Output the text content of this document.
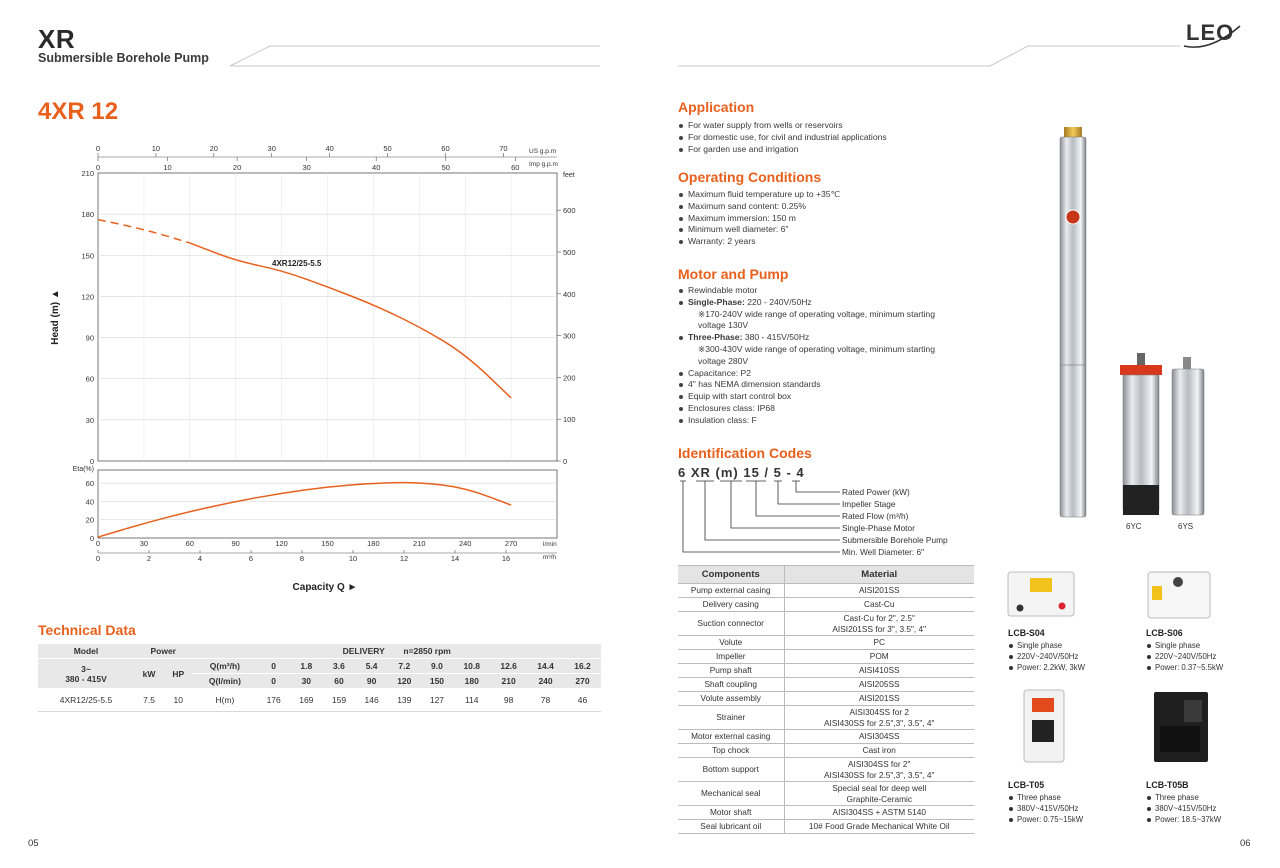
XR
Submersible Borehole Pump
LEO
4XR 12
0
30
60
90
120
150
180
210
0
100
200
300
400
500
600
feet
0	10	20	30	40	50	60	70
0	10	20	30	40	50	60
US g.p.m
Imp g.p.m
Head (m) ▲
4XR12/25-5.5
0
20
40
60
Eta(%)
0	30	60	90	120	150	180	210	240	270
0	2	4	6	8	10	12	14	16
l/min
m³/h
Capacity Q ►
Technical Data
Model	Power		DELIVERY n=2850 rpm										

3~
380 - 415V	kW	HP	Q(m³/h)	0	1.8	3.6	5.4	7.2	9.0	10.8	12.6	14.4	16.2
			Q(l/min)	0	30	60	90	120	150	180	210	240	270
4XR12/25-5.5	7.5	10	H(m)	176	169	159	146	139	127	114	98	78	46
Application
For water supply from wells or reservoirs
For domestic use, for civil and industrial applications
For garden use and irrigation
Operating Conditions
Maximum fluid temperature up to +35℃
Maximum sand content: 0.25%
Maximum immersion: 150 m
Minimum well diameter: 6"
Warranty: 2 years
Motor and Pump
Rewindable motor
Single-Phase: 220 - 240V/50Hz
※170-240V wide range of operating voltage, minimum starting
voltage 130V
Three-Phase: 380 - 415V/50Hz
※300-430V wide range of operating voltage, minimum starting
voltage 280V
Capacitance: P2
4" has NEMA dimension standards
Equip with start control box
Enclosures class: IP68
Insulation class: F
Identification Codes
6 XR (m) 15 / 5 - 4
Rated Power (kW)
Impeller Stage
Rated Flow (m³/h)
Single-Phase Motor
Submersible Borehole Pump
Min. Well Diameter: 6"
Components	Material
Pump external casing	AISI201SS
Delivery casing	Cast-Cu
Suction connector	Cast-Cu for 2", 2.5"
AISI201SS for 3", 3.5", 4"
Volute	PC
Impeller	POM
Pump shaft	AISI410SS
Shaft coupling	AISI205SS
Volute assembly	AISI201SS
Strainer	AISI304SS for 2
AISI430SS for 2.5",3", 3.5", 4"
Motor external casing	AISI304SS
Top chock	Cast iron
Bottom support	AISI304SS for 2"
AISI430SS for 2.5",3", 3.5", 4"
Mechanical seal	Special seal for deep well
Graphite-Ceramic
Motor shaft	AISI304SS + ASTM 5140
Seal lubricant oil	10# Food Grade Mechanical White Oil
6YC	6YS
LCB-S04
Single phase
220V~240V/50Hz
Power: 2.2kW, 3kW
LCB-S06
Single phase
220V~240V/50Hz
Power: 0.37~5.5kW
LCB-T05
Three phase
380V~415V/50Hz
Power: 0.75~15kW
LCB-T05B
Three phase
380V~415V/50Hz
Power: 18.5~37kW
05	06
